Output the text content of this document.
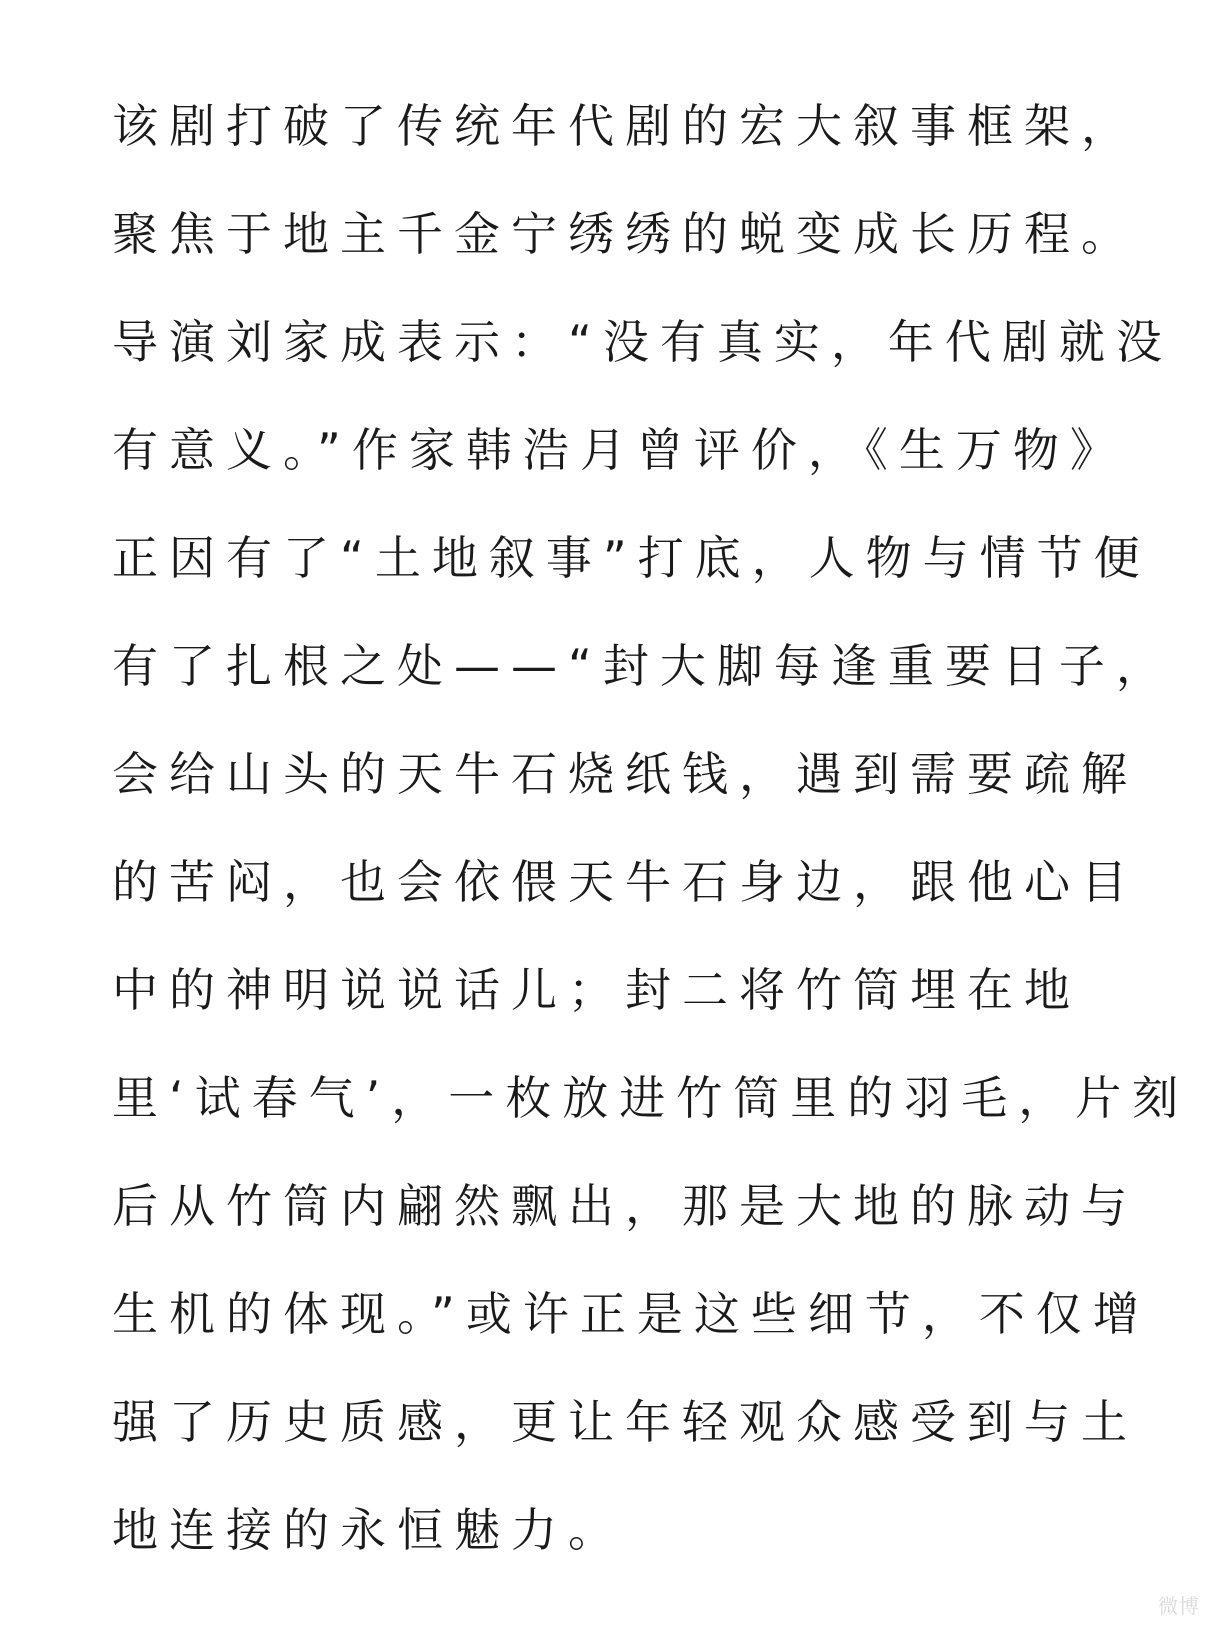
该剧打破了传统年代剧的宏大叙事框架，

聚焦于地主千金宁绣绣的蜕变成长历程。

导演刘家成表示：“没有真实，年代剧就没

有意义。”作家韩浩月曾评价，《生万物》

正因有了“土地叙事”打底，人物与情节便

有了扎根之处——“封大脚每逢重要日子，

会给山头的天牛石烧纸钱，遇到需要疏解

的苦闷，也会依偎天牛石身边，跟他心目

中的神明说说话儿；封二将竹筒埋在地

里‘试春气’，一枚放进竹筒里的羽毛，片刻

后从竹筒内翩然飘出，那是大地的脉动与

生机的体现。”或许正是这些细节，不仅增

强了历史质感，更让年轻观众感受到与土

地连接的永恒魅力。

微博
